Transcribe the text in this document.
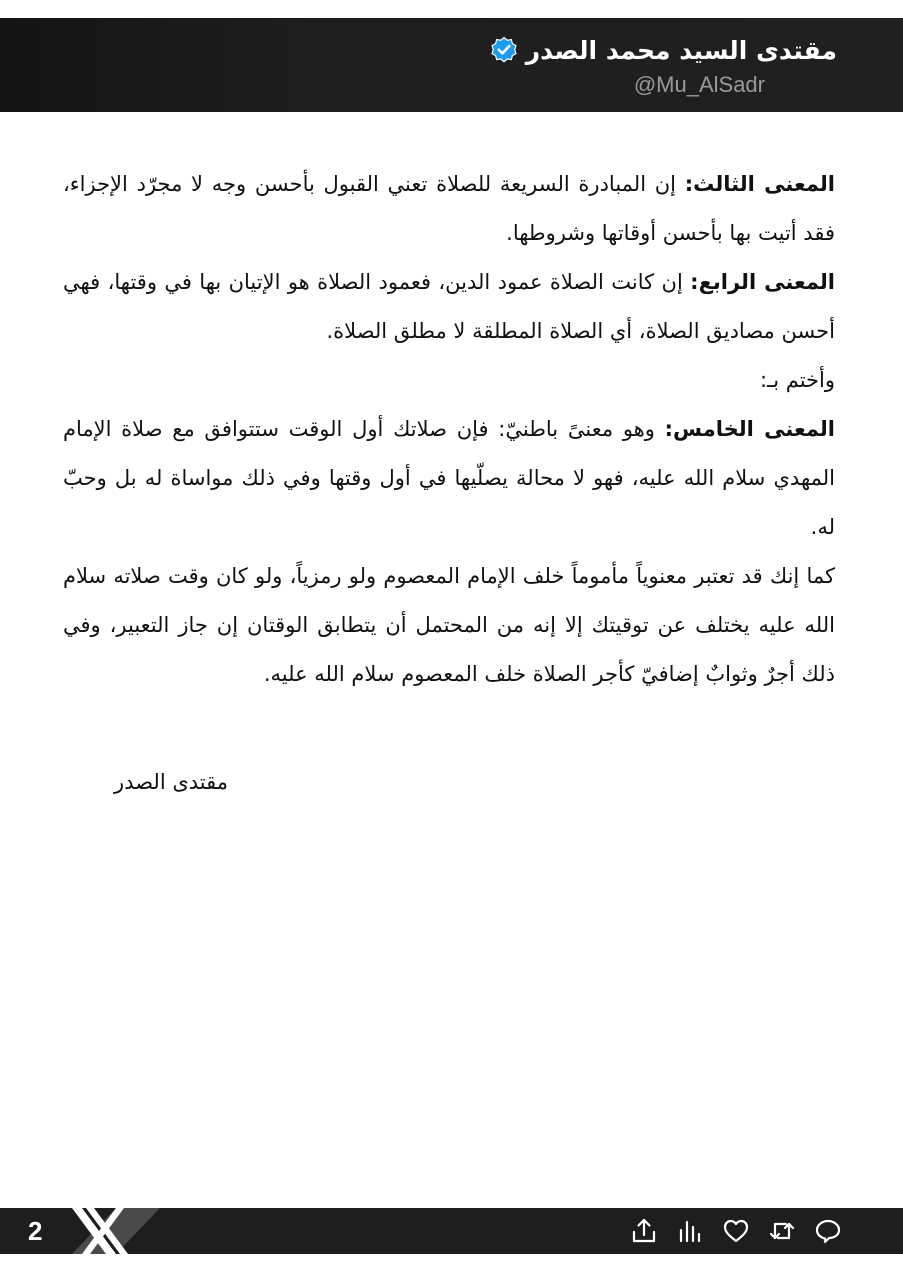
مقتدى السيد محمد الصدر
@Mu_AlSadr

المعنى الثالث: إن المبادرة السريعة للصلاة تعني القبول بأحسن وجه لا مجرّد الإجزاء، فقد أتيت بها بأحسن أوقاتها وشروطها.

المعنى الرابع: إن كانت الصلاة عمود الدين، فعمود الصلاة هو الإتيان بها في وقتها، فهي أحسن مصاديق الصلاة، أي الصلاة المطلقة لا مطلق الصلاة.

وأختم بـ:

المعنى الخامس: وهو معنىً باطنيّ: فإن صلاتك أول الوقت ستتوافق مع صلاة الإمام المهدي سلام الله عليه، فهو لا محالة يصلّيها في أول وقتها وفي ذلك مواساة له بل وحبّ له.

كما إنك قد تعتبر معنوياً مأموماً خلف الإمام المعصوم ولو رمزياً، ولو كان وقت صلاته سلام الله عليه يختلف عن توقيتك إلا إنه من المحتمل أن يتطابق الوقتان إن جاز التعبير، وفي ذلك أجرٌ وثوابٌ إضافيّ كأجر الصلاة خلف المعصوم سلام الله عليه.

مقتدى الصدر
2
